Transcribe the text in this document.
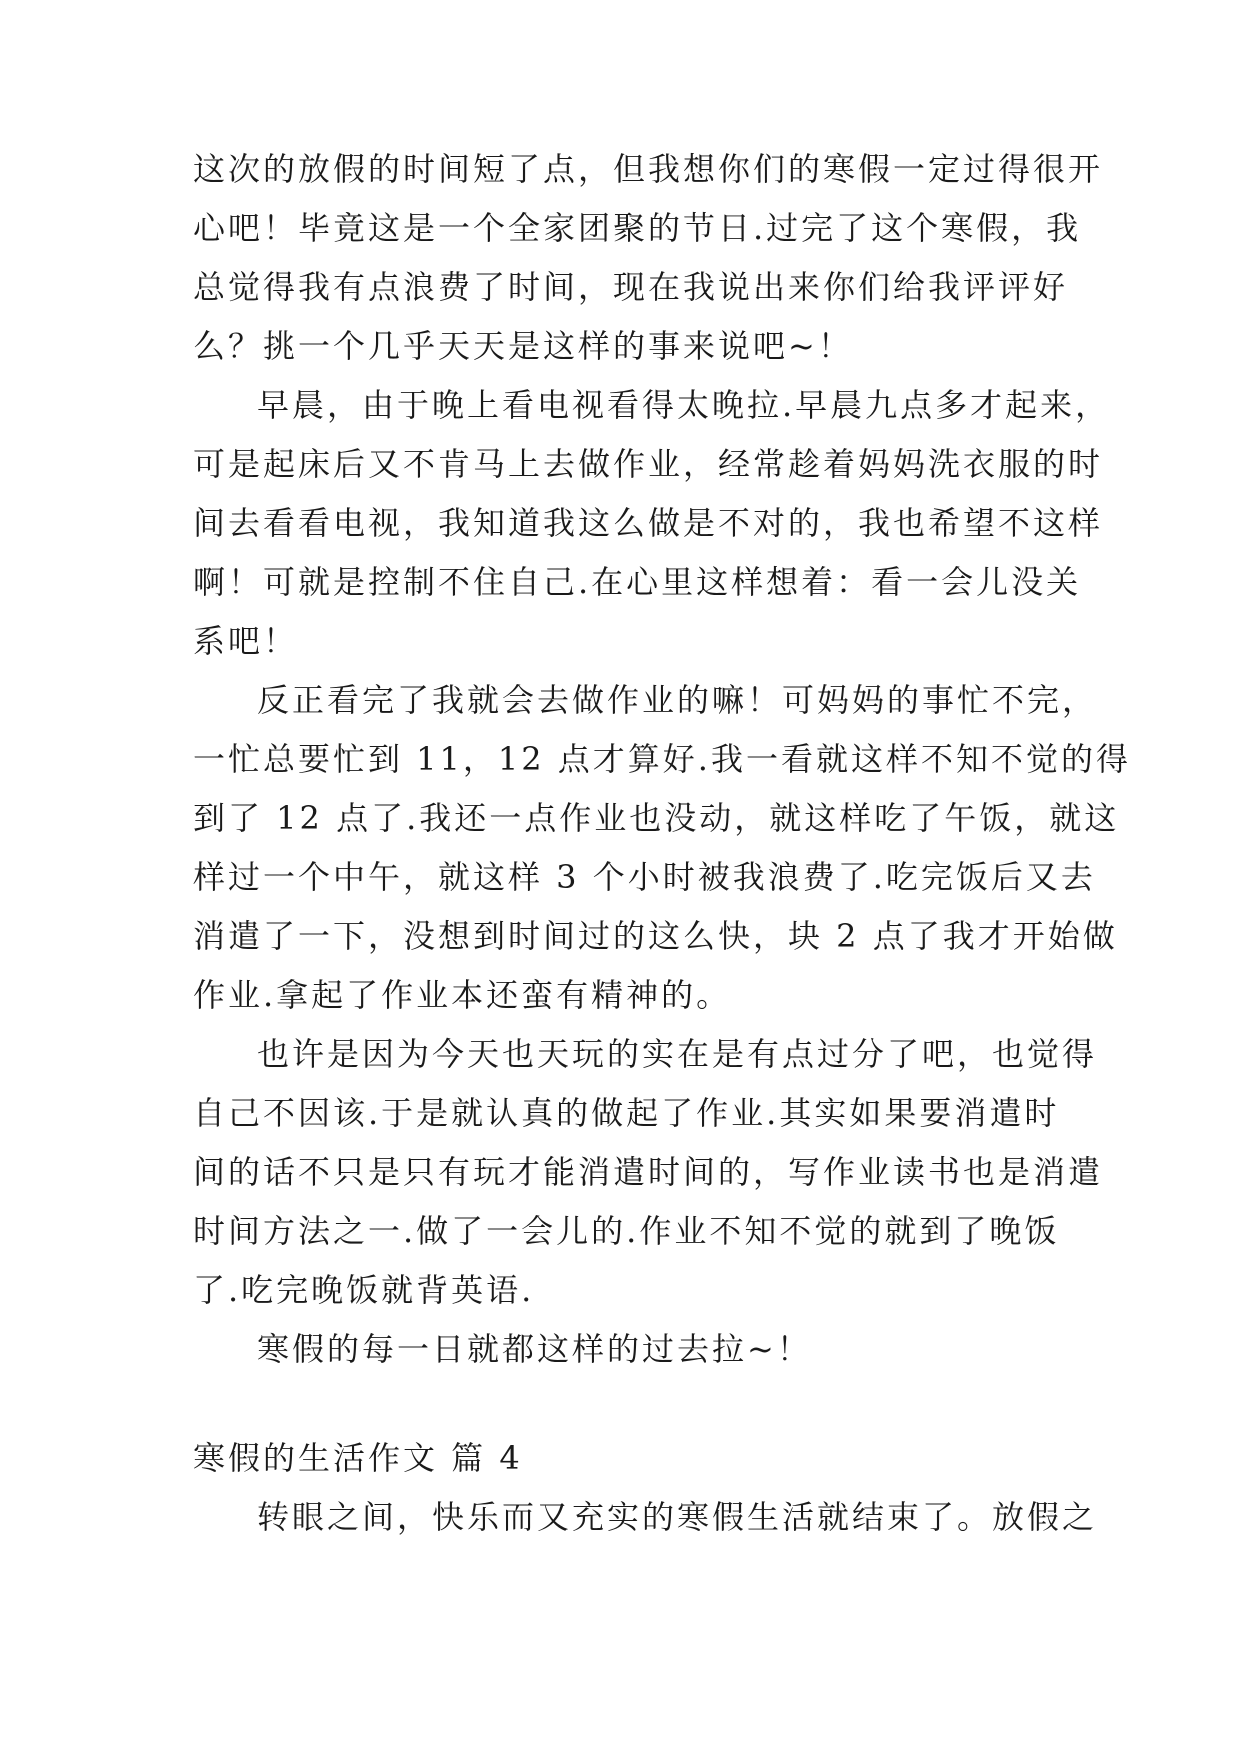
这次的放假的时间短了点，但我想你们的寒假一定过得很开
心吧！毕竟这是一个全家团聚的节日.过完了这个寒假，我
总觉得我有点浪费了时间，现在我说出来你们给我评评好
么？挑一个几乎天天是这样的事来说吧~！
早晨，由于晚上看电视看得太晚拉.早晨九点多才起来，
可是起床后又不肯马上去做作业，经常趁着妈妈洗衣服的时
间去看看电视，我知道我这么做是不对的，我也希望不这样
啊！可就是控制不住自己.在心里这样想着：看一会儿没关
系吧！
反正看完了我就会去做作业的嘛！可妈妈的事忙不完，
一忙总要忙到 11，12 点才算好.我一看就这样不知不觉的得
到了 12 点了.我还一点作业也没动，就这样吃了午饭，就这
样过一个中午，就这样 3 个小时被我浪费了.吃完饭后又去
消遣了一下，没想到时间过的这么快，块 2 点了我才开始做
作业.拿起了作业本还蛮有精神的。
也许是因为今天也天玩的实在是有点过分了吧，也觉得
自己不因该.于是就认真的做起了作业.其实如果要消遣时
间的话不只是只有玩才能消遣时间的，写作业读书也是消遣
时间方法之一.做了一会儿的.作业不知不觉的就到了晚饭
了.吃完晚饭就背英语.
寒假的每一日就都这样的过去拉~！
寒假的生活作文 篇 4
转眼之间，快乐而又充实的寒假生活就结束了。放假之
